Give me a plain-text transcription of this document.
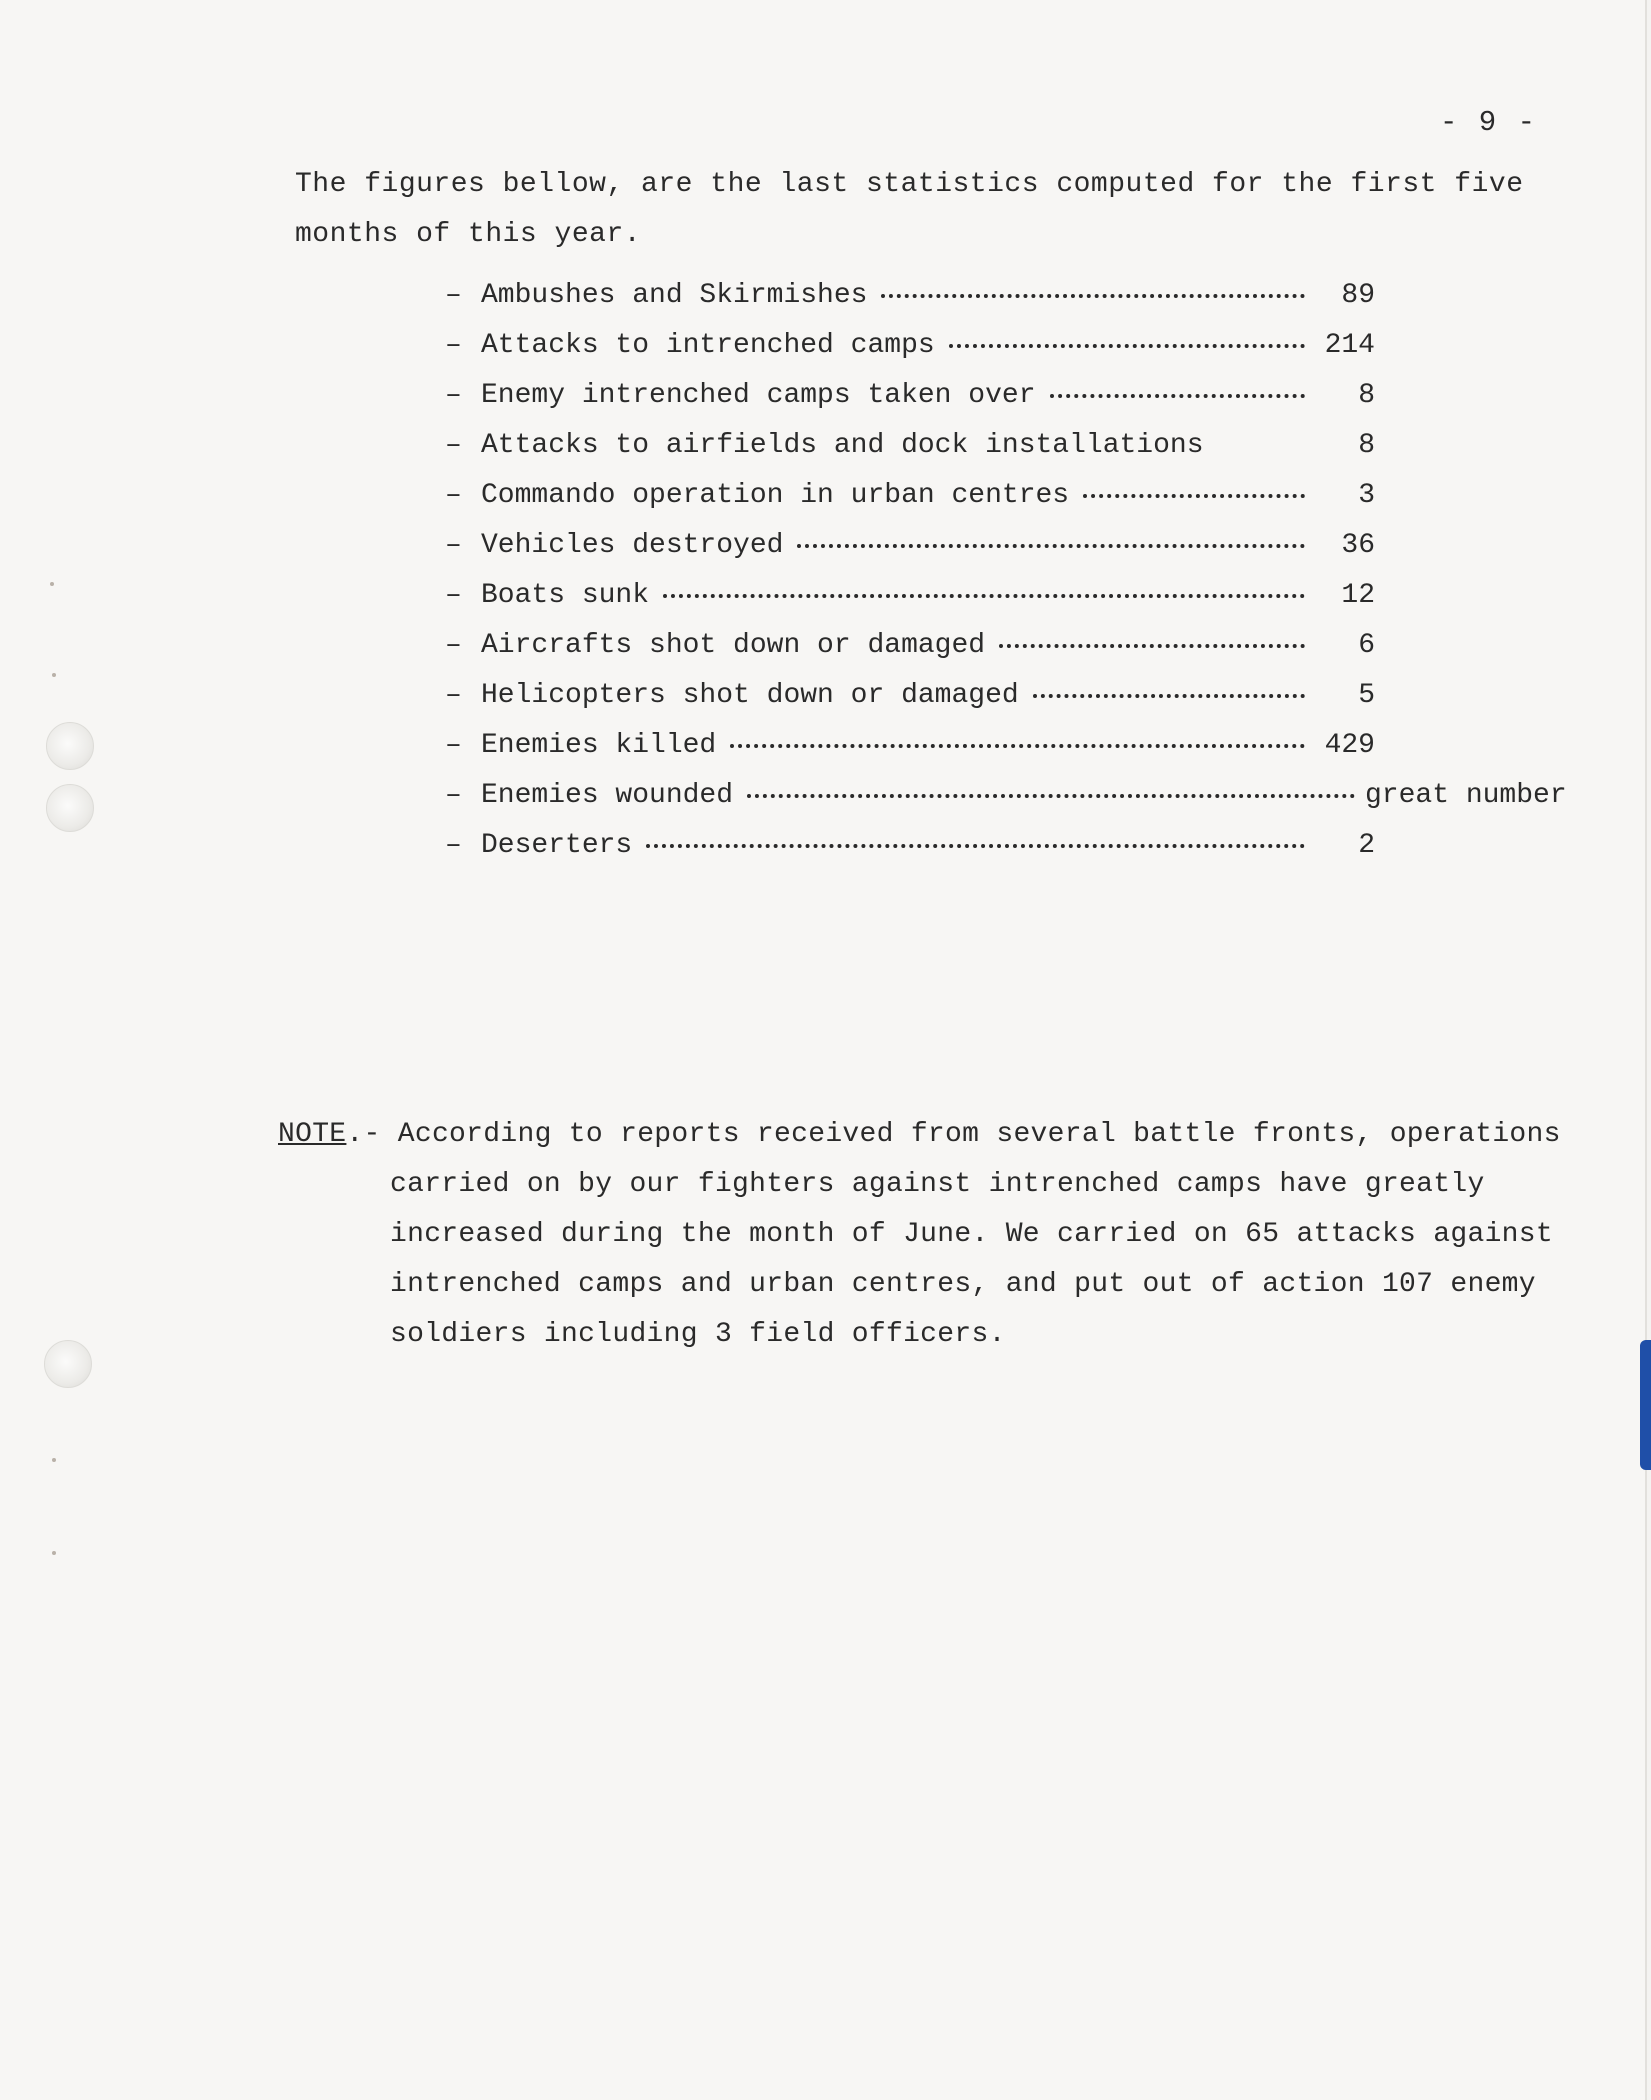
- 9 -
The figures bellow, are the last statistics computed for the first five months of this year.
– Ambushes and Skirmishes	89
– Attacks to intrenched camps	214
– Enemy intrenched camps taken over	8
– Attacks to airfields and dock installations	8
– Commando operation in urban centres	3
– Vehicles destroyed	36
– Boats sunk	12
– Aircrafts shot down or damaged	6
– Helicopters shot down or damaged	5
– Enemies killed	429
– Enemies wounded	great number
– Deserters	2
NOTE.- According to reports received from several battle fronts, operations carried on by our fighters against intrenched camps have greatly increased during the month of June. We carried on 65 attacks against intrenched camps and urban centres, and put out of action 107 enemy soldiers including 3 field officers.
